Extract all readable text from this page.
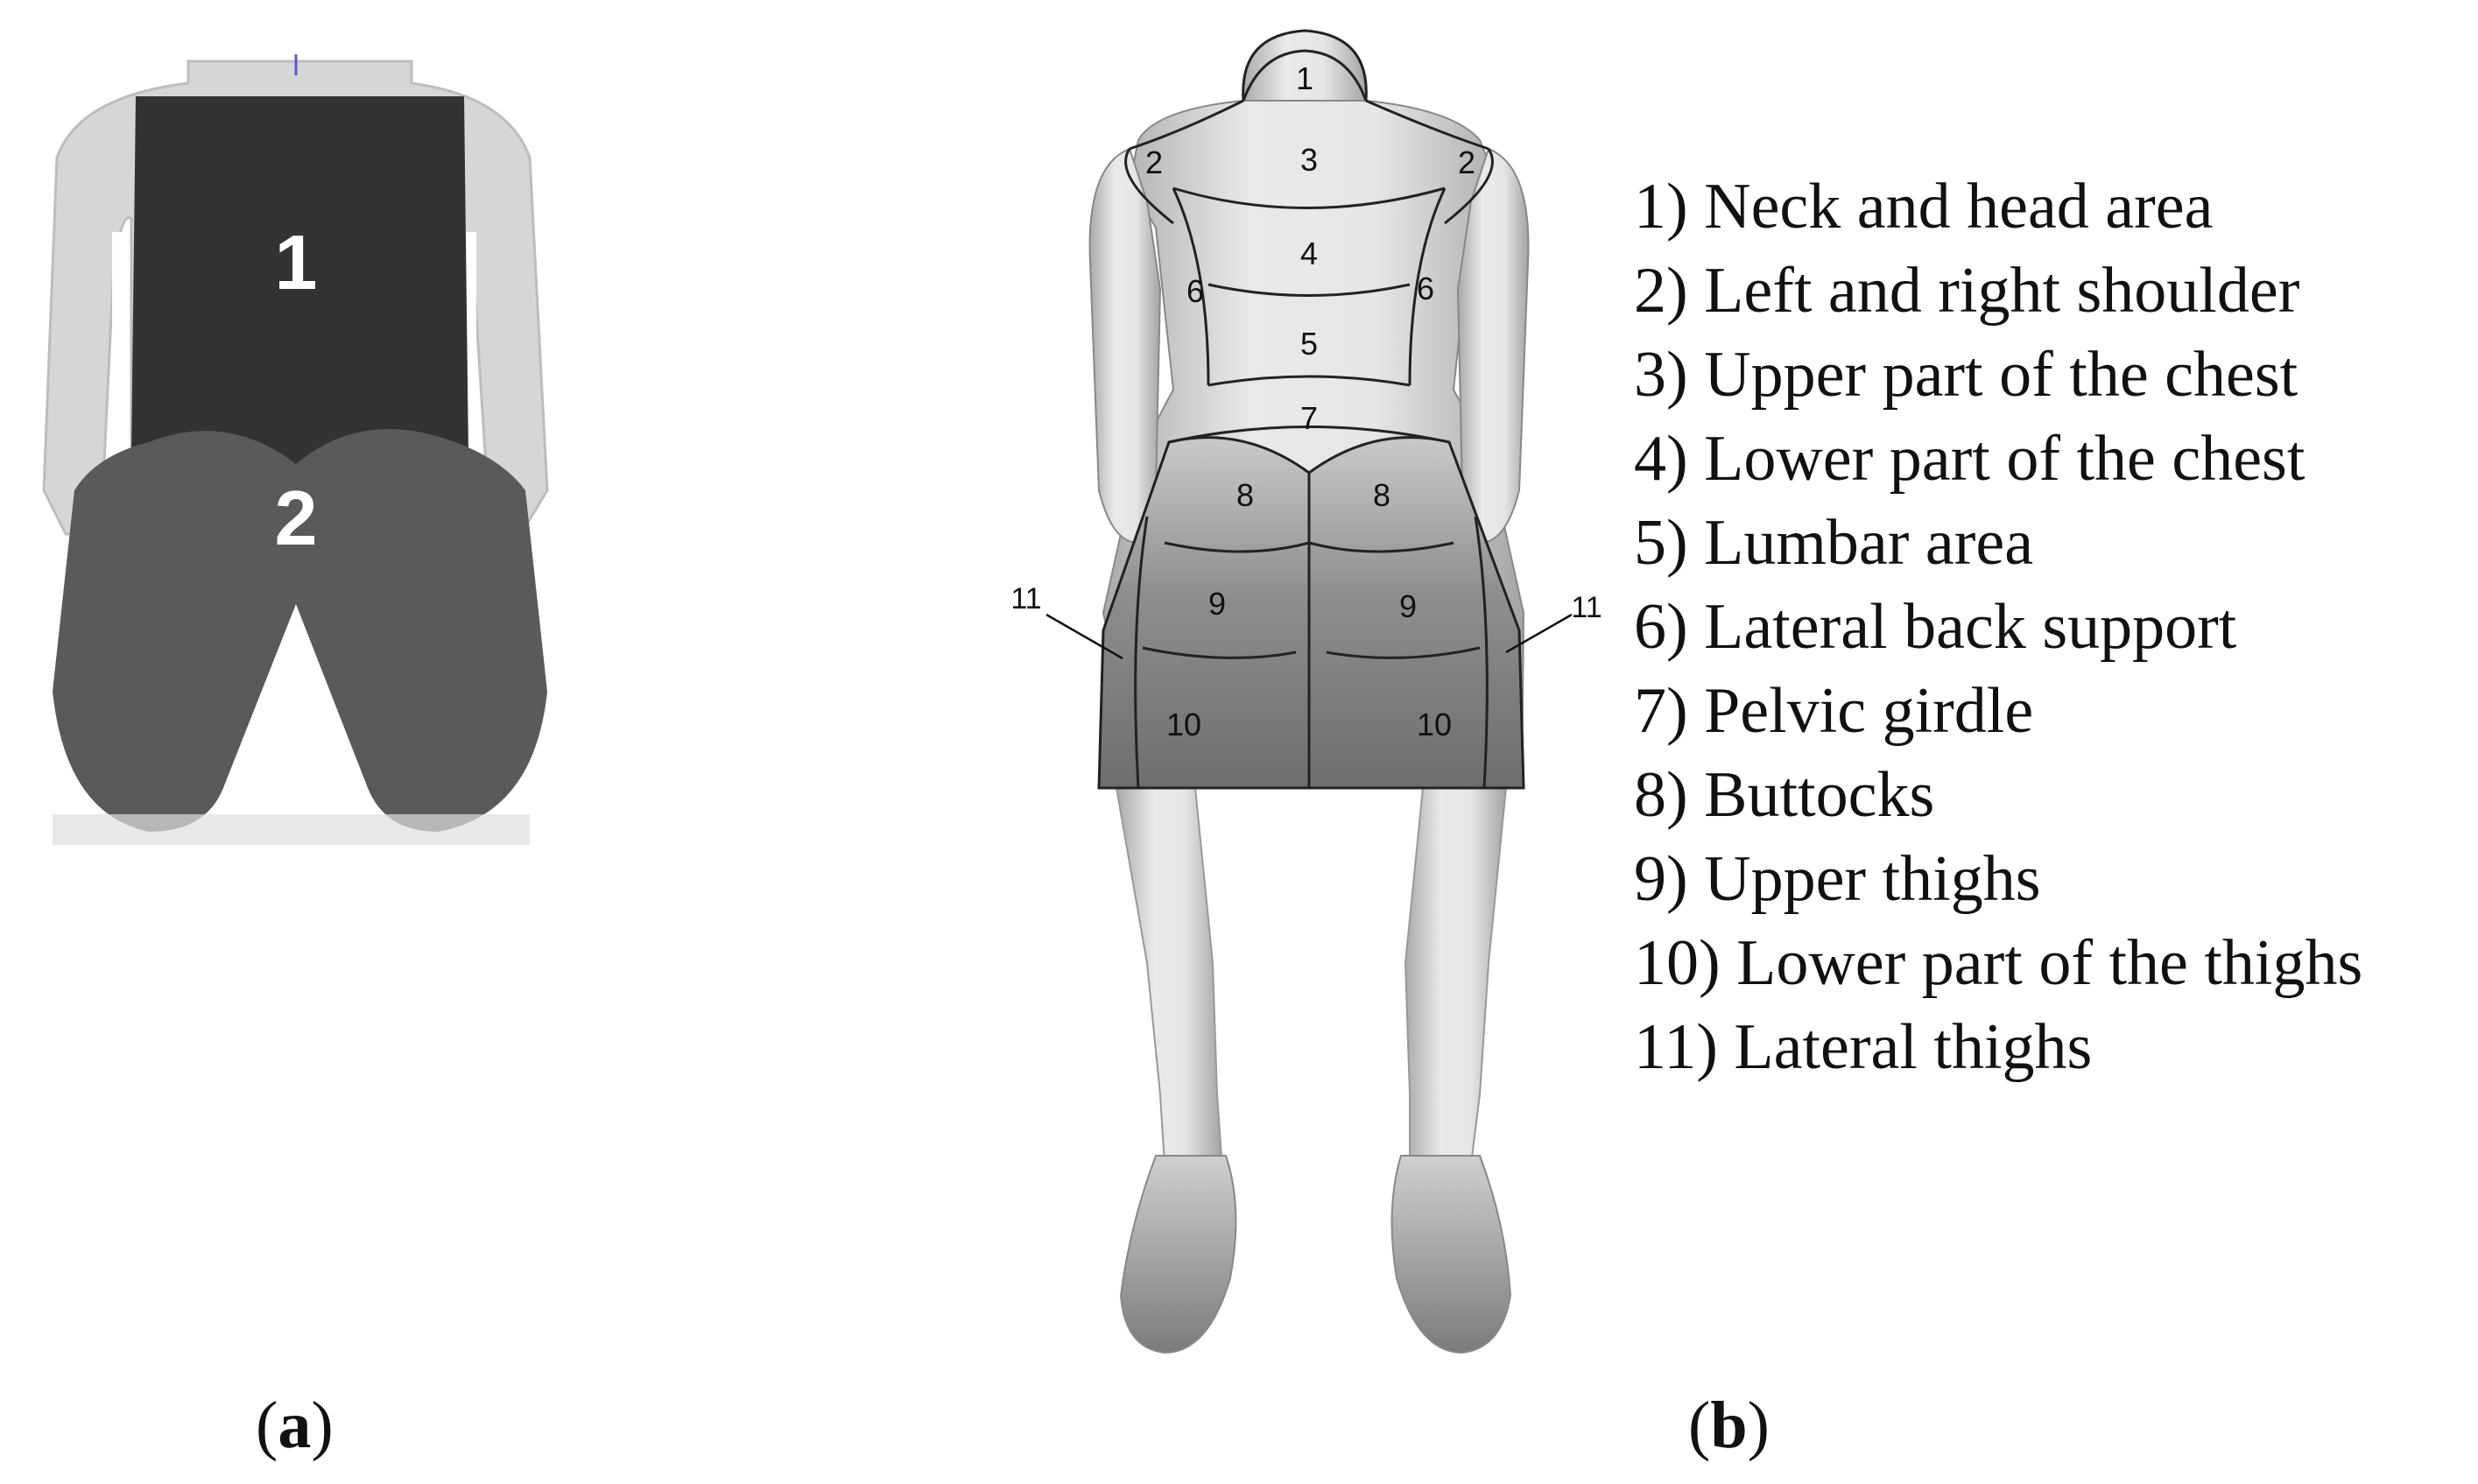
1
2
1
2	2
3
4
5
6	6
7
8	8
9	9
10	10
11	11
1) Neck and head area
2) Left and right shoulder
3) Upper part of the chest
4) Lower part of the chest
5) Lumbar area
6) Lateral back support
7) Pelvic girdle
8) Buttocks
9) Upper thighs
10) Lower part of the thighs
11) Lateral thighs
(a)	(b)
